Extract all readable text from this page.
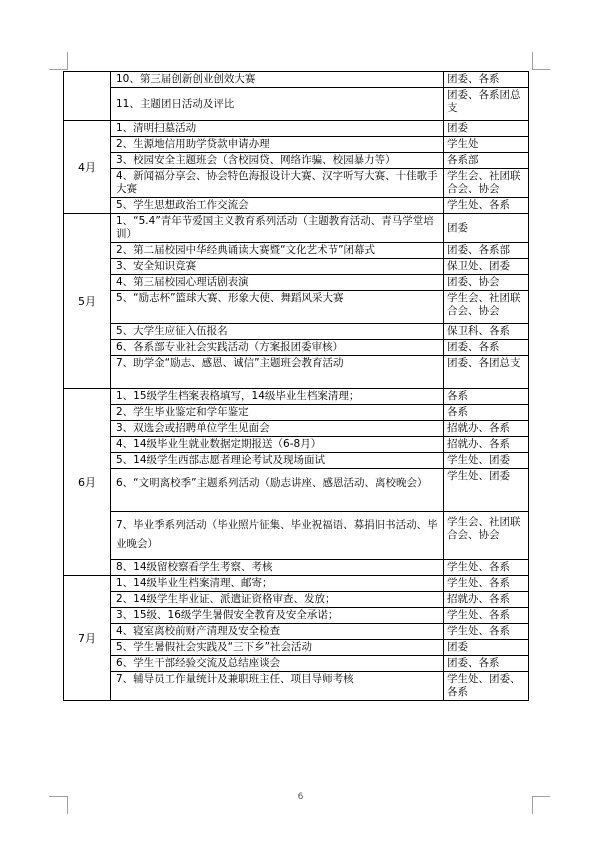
	10、第三届创新创业创效大赛	团委、各系
	11、主题团日活动及评比	团委、各系团总支
4月	1、清明扫墓活动	团委
	2、生源地信用助学贷款申请办理	学生处
	3、校园安全主题班会（含校园贷、网络诈骗、校园暴力等）	各系部
	4、新闻福分享会、协会特色海报设计大赛、汉字听写大赛、十佳歌手大赛	学生会、社团联合会、协会
	5、学生思想政治工作交流会	学生处、各系
5月	1、“5.4”青年节爱国主义教育系列活动（主题教育活动、青马学堂培训）	团委
	2、第二届校园中华经典诵读大赛暨“文化艺术节”闭幕式	团委、各系部
	3、安全知识竞赛	保卫处、团委
	4、第三届校园心理话剧表演	团委、协会
	5、“励志杯”篮球大赛、形象大使、舞蹈风采大赛	学生会、社团联合会、协会
	5、大学生应征入伍报名	保卫科、各系
	6、各系部专业社会实践活动（方案报团委审核）	团委、各系
	7、助学金“励志、感恩、诚信”主题班会教育活动	团委、各团总支
6月	1、15级学生档案表格填写，14级毕业生档案清理；	各系
	2、学生毕业鉴定和学年鉴定	各系
	3、双选会或招聘单位学生见面会	招就办、各系
	4、14级毕业生就业数据定期报送（6-8月）	招就办、各系
	5、14级学生西部志愿者理论考试及现场面试	学生处、团委
	6、“文明离校季”主题系列活动（励志讲座、感恩活动、离校晚会）	学生处、团委
	7、毕业季系列活动（毕业照片征集、毕业祝福语、募捐旧书活动、毕业晚会）	学生会、社团联合会、协会
	8、14级留校察看学生考察、考核	学生处、各系
7月	1、14级毕业生档案清理、邮寄；	学生处、各系
	2、14级学生毕业证、派遣证资格审查、发放；	招就办、各系
	3、15级、16级学生暑假安全教育及安全承诺；	学生处、各系
	4、寝室离校前财产清理及安全检查	学生处、各系
	5、学生暑假社会实践及“三下乡”社会活动	团委
	6、学生干部经验交流及总结座谈会	团委、各系
	7、辅导员工作量统计及兼职班主任、项目导师考核	学生处、团委、各系
6
